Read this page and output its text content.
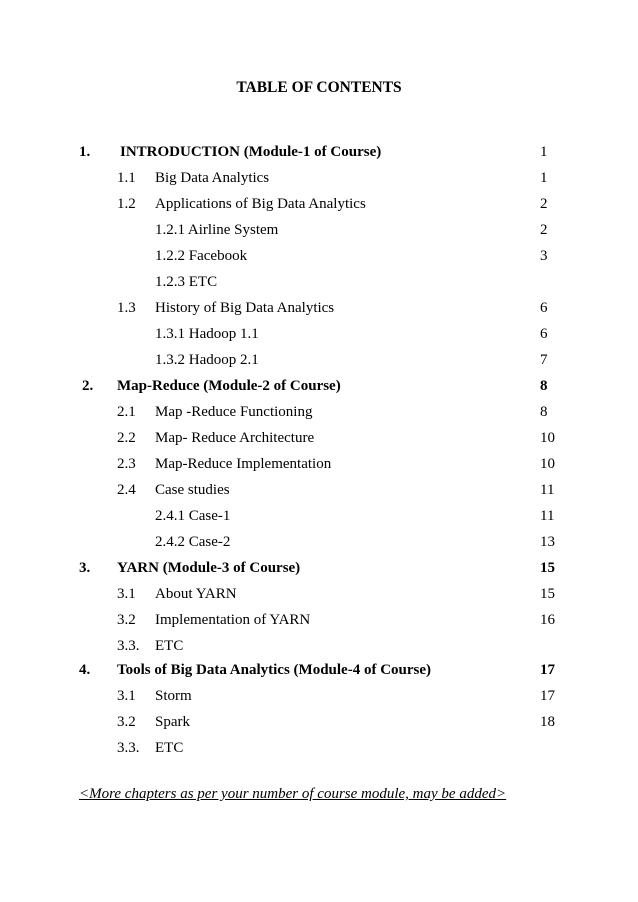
TABLE OF CONTENTS
1. INTRODUCTION (Module-1 of Course)	1
1.1 Big Data Analytics	1
1.2 Applications of Big Data Analytics	2
1.2.1 Airline System	2
1.2.2 Facebook	3
1.2.3 ETC
1.3 History of Big Data Analytics	6
1.3.1 Hadoop 1.1	6
1.3.2 Hadoop 2.1	7
2. Map-Reduce (Module-2 of Course)	8
2.1 Map -Reduce Functioning	8
2.2 Map- Reduce Architecture	10
2.3 Map-Reduce Implementation	10
2.4 Case studies	11
2.4.1 Case-1	11
2.4.2 Case-2	13
3. YARN (Module-3 of Course)	15
3.1 About YARN	15
3.2 Implementation of YARN	16
3.3. ETC
4. Tools of Big Data Analytics (Module-4 of Course)	17
3.1 Storm	17
3.2 Spark	18
3.3. ETC
<More chapters as per your number of course module, may be added>
